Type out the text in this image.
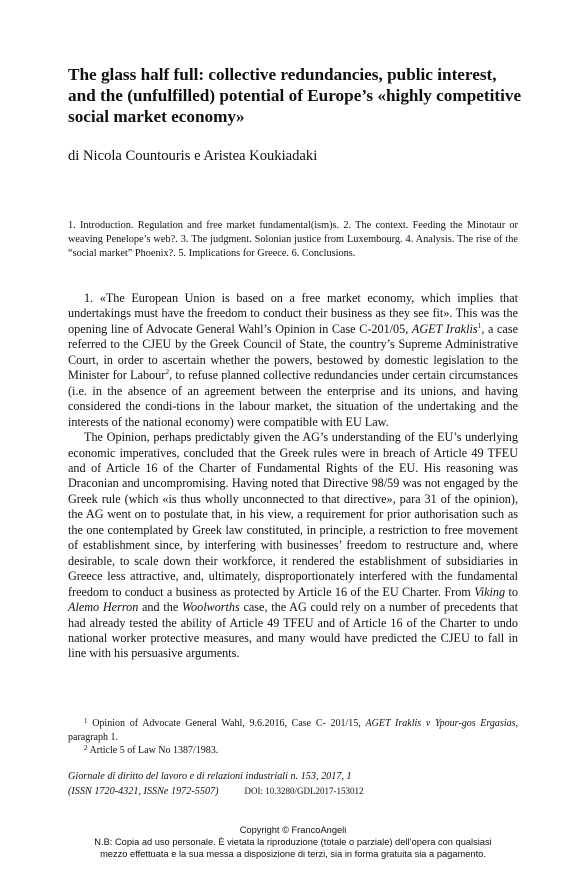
The glass half full: collective redundancies, public interest, and the (unfulfilled) potential of Europe’s «highly competitive social market economy»

di Nicola Countouris e Aristea Koukiadaki

1. Introduction. Regulation and free market fundamental(ism)s. 2. The context. Feeding the Minotaur or weaving Penelope’s web?. 3. The judgment. Solonian justice from Luxembourg. 4. Analysis. The rise of the “social market” Phoenix?. 5. Implications for Greece. 6. Conclusions.

1. «The European Union is based on a free market economy, which implies that undertakings must have the freedom to conduct their business as they see fit». This was the opening line of Advocate General Wahl’s Opinion in Case C-201/05, AGET Iraklis$^1$, a case referred to the CJEU by the Greek Council of State, the country’s Supreme Administrative Court, in order to ascertain whether the powers, bestowed by domestic legislation to the Minister for Labour$^2$, to refuse planned collective redundancies under certain circumstances (i.e. in the absence of an agreement between the enterprise and its unions, and having considered the condi-tions in the labour market, the situation of the undertaking and the interests of the national economy) were compatible with EU Law.

The Opinion, perhaps predictably given the AG’s understanding of the EU’s underlying economic imperatives, concluded that the Greek rules were in breach of Article 49 TFEU and of Article 16 of the Charter of Fundamental Rights of the EU. His reasoning was Draconian and uncompromising. Having noted that Directive 98/59 was not engaged by the Greek rule (which «is thus wholly unconnected to that directive», para 31 of the opinion), the AG went on to postulate that, in his view, a requirement for prior authorisation such as the one contemplated by Greek law constituted, in principle, a restriction to free movement of establishment since, by interfering with businesses’ freedom to restructure and, where desirable, to scale down their workforce, it rendered the establishment of subsidiaries in Greece less attractive, and, ultimately, disproportionately interfered with the fundamental freedom to conduct a business as protected by Article 16 of the EU Charter. From Viking to Alemo Herron and the Woolworths case, the AG could rely on a number of precedents that had already tested the ability of Article 49 TFEU and of Article 16 of the Charter to undo national worker protective measures, and many would have predicted the CJEU to fall in line with his persuasive arguments.

$^1$ Opinion of Advocate General Wahl, 9.6.2016, Case C- 201/15, AGET Iraklis v Ypour-gos Ergasias, paragraph 1.

$^2$ Article 5 of Law No 1387/1983.

Giornale di diritto del lavoro e di relazioni industriali n. 153, 2017, 1
(ISSN 1720-4321, ISSNe 1972-5507)	DOI: 10.3280/GDL2017-153012
Copyright © FrancoAngeli
N.B: Copia ad uso personale. È vietata la riproduzione (totale o parziale) dell’opera con qualsiasi
mezzo effettuata e la sua messa a disposizione di terzi, sia in forma gratuita sia a pagamento.
